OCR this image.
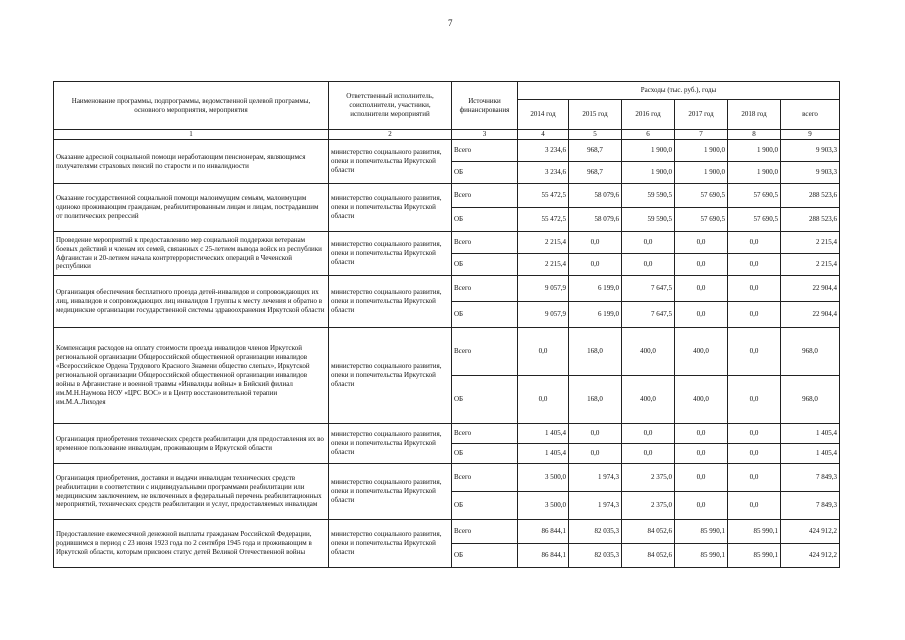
7
Наименование программы, подпрограммы, ведомственной целевой программы, основного мероприятия, мероприятия	Ответственный исполнитель, соисполнители, участники, исполнители мероприятий	Источники финансирования	Расходы (тыс. руб.), годы					
			2014 год	2015 год	2016 год	2017 год	2018 год	всего
1	2	3	4	5	6	7	8	9
Оказание адресной социальной помощи неработающим пенсионерам, являющимся получателями страховых пенсий по старости и по инвалидности	министерство социального развития, опеки и попечительства Иркутской области	Всего	3 234,6	968,7	1 900,0	1 900,0	1 900,0	9 903,3
		ОБ	3 234,6	968,7	1 900,0	1 900,0	1 900,0	9 903,3
Оказание государственной социальной помощи малоимущим семьям, малоимущим одиноко проживающим гражданам, реабилитированным лицам и лицам, пострадавшим от политических репрессий	министерство социального развития, опеки и попечительства Иркутской области	Всего	55 472,5	58 079,6	59 590,5	57 690,5	57 690,5	288 523,6
		ОБ	55 472,5	58 079,6	59 590,5	57 690,5	57 690,5	288 523,6
Проведение мероприятий к предоставлению мер социальной поддержки ветеранам боевых действий и членам их семей, связанных с 25-летием вывода войск из республики Афганистан и 20-летием начала контртеррористических операций в Чеченской республики	министерство социального развития, опеки и попечительства Иркутской области	Всего	2 215,4	0,0	0,0	0,0	0,0	2 215,4
		ОБ	2 215,4	0,0	0,0	0,0	0,0	2 215,4
Организация обеспечения бесплатного проезда детей-инвалидов и сопровождающих их лиц, инвалидов и сопровождающих лиц инвалидов I группы к месту лечения и обратно в медицинские организации государственной системы здравоохранения Иркутской области	министерство социального развития, опеки и попечительства Иркутской области	Всего	9 057,9	6 199,0	7 647,5	0,0	0,0	22 904,4
		ОБ	9 057,9	6 199,0	7 647,5	0,0	0,0	22 904,4
Компенсация расходов на оплату стоимости проезда инвалидов членов Иркутской региональной организации Общероссийской общественной организации инвалидов «Всероссийское Ордена Трудового Красного Знамени общество слепых», Иркутской региональной организации Общероссийской общественной организации инвалидов войны в Афганистане и военной травмы «Инвалиды войны» в Бийский филиал им.М.Н.Наумова НОУ «ЦРС ВОС» и в Центр восстановительной терапии им.М.А.Лиходея	министерство социального развития, опеки и попечительства Иркутской области	Всего	0,0	168,0	400,0	400,0	0,0	968,0
		ОБ	0,0	168,0	400,0	400,0	0,0	968,0
Организация приобретения технических средств реабилитации для предоставления их во временное пользование инвалидам, проживающим в Иркутской области	министерство социального развития, опеки и попечительства Иркутской области	Всего	1 405,4	0,0	0,0	0,0	0,0	1 405,4
		ОБ	1 405,4	0,0	0,0	0,0	0,0	1 405,4
Организация приобретения, доставки и выдачи инвалидам технических средств реабилитации в соответствии с индивидуальными программами реабилитации или медицинским заключением, не включенных в федеральный перечень реабилитационных мероприятий, технических средств реабилитации и услуг, предоставляемых инвалидам	министерство социального развития, опеки и попечительства Иркутской области	Всего	3 500,0	1 974,3	2 375,0	0,0	0,0	7 849,3
		ОБ	3 500,0	1 974,3	2 375,0	0,0	0,0	7 849,3
Предоставление ежемесячной денежной выплаты гражданам Российской Федерации, родившимся в период с 23 июня 1923 года по 2 сентября 1945 года и проживающим в Иркутской области, которым присвоен статус детей Великой Отечественной войны	министерство социального развития, опеки и попечительства Иркутской области	Всего	86 844,1	82 035,3	84 052,6	85 990,1	85 990,1	424 912,2
		ОБ	86 844,1	82 035,3	84 052,6	85 990,1	85 990,1	424 912,2
